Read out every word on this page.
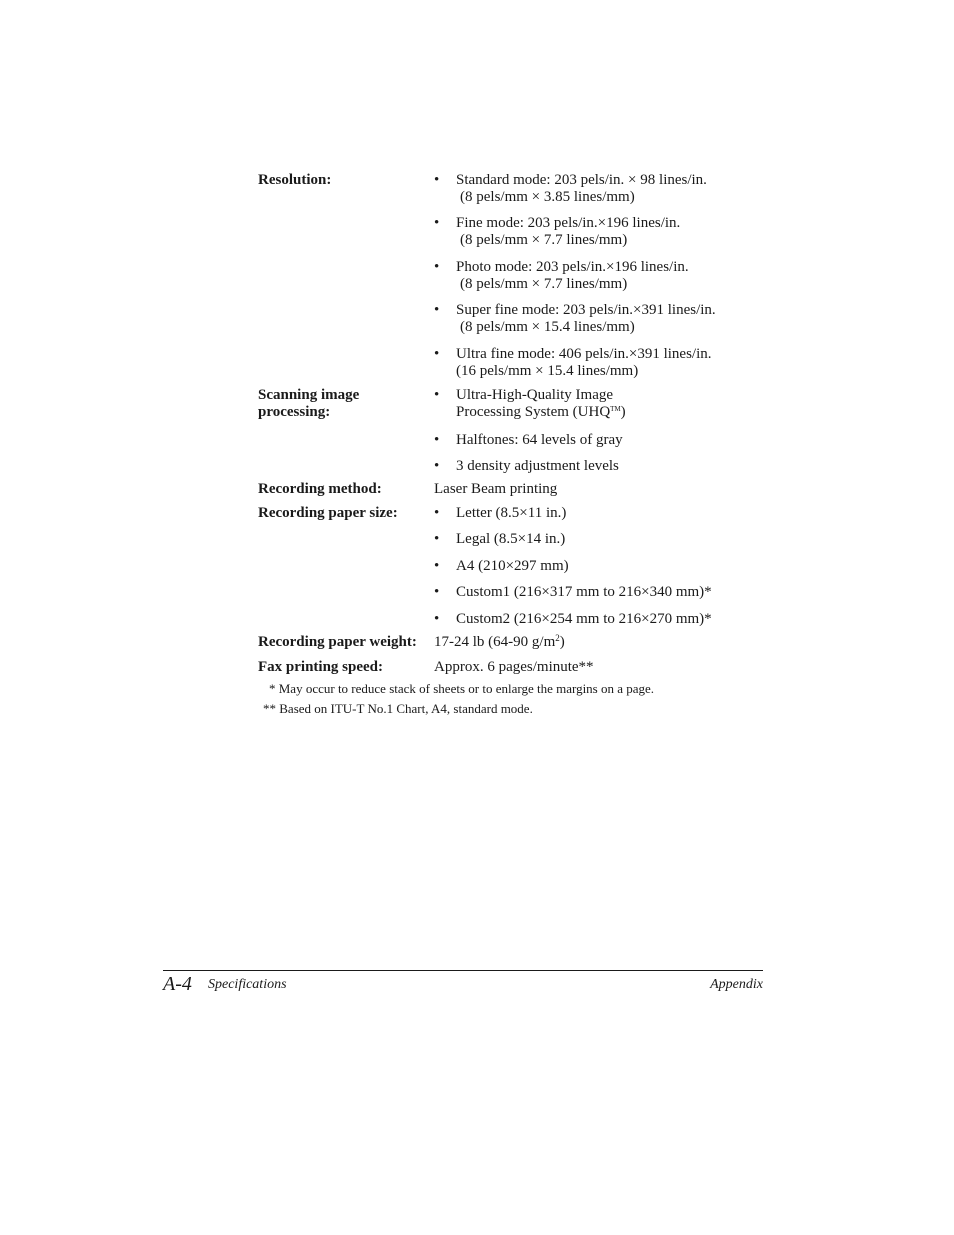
Resolution:	• Standard mode: 203 pels/in. × 98 lines/in.
(8 pels/mm × 3.85 lines/mm)
• Fine mode: 203 pels/in.×196 lines/in.
(8 pels/mm × 7.7 lines/mm)
• Photo mode: 203 pels/in.×196 lines/in.
(8 pels/mm × 7.7 lines/mm)
• Super fine mode: 203 pels/in.×391 lines/in.
(8 pels/mm × 15.4 lines/mm)
• Ultra fine mode: 406 pels/in.×391 lines/in.
(16 pels/mm × 15.4 lines/mm)
Scanning image
processing:
• Ultra-High-Quality Image
Processing System (UHQ™)
• Halftones: 64 levels of gray
• 3 density adjustment levels
Recording method:	Laser Beam printing
Recording paper size: • Letter (8.5×11 in.)
• Legal (8.5×14 in.)
• A4 (210×297 mm)
• Custom1 (216×317 mm to 216×340 mm)*
• Custom2 (216×254 mm to 216×270 mm)*
Recording paper weight: 17-24 lb (64-90 $g/m^2$)
Fax printing speed:	Approx. 6 pages/minute**
* May occur to reduce stack of sheets or to enlarge the margins on a page.
** Based on ITU-T No.1 Chart, A4, standard mode.
A-4 Specifications	Appendix
